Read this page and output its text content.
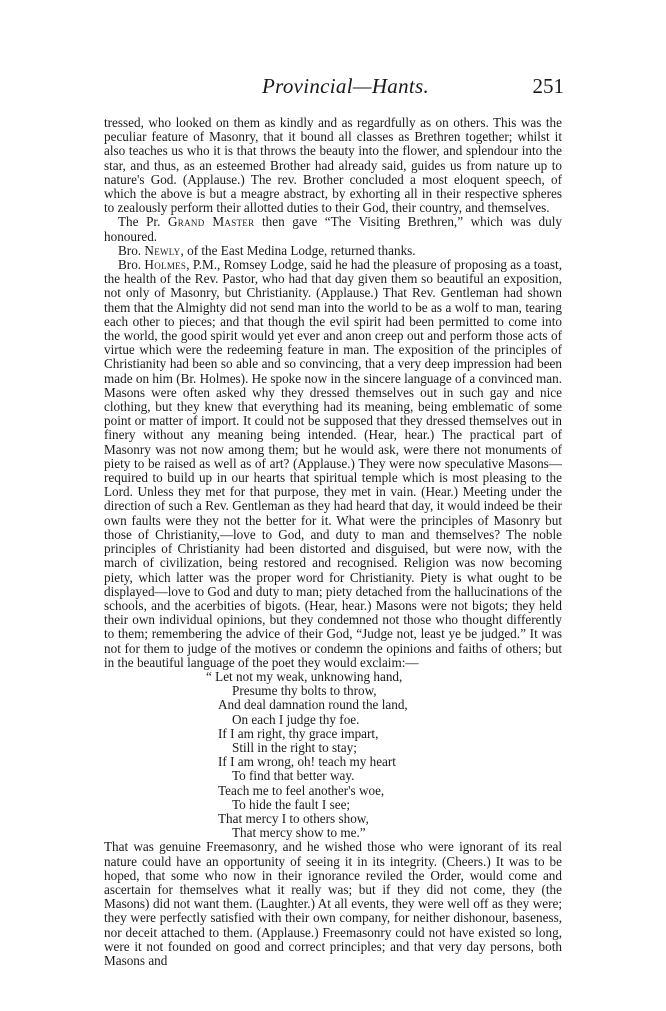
Provincial—Hants.	251

tressed, who looked on them as kindly and as regardfully as on others. This was the peculiar feature of Masonry, that it bound all classes as Brethren together; whilst it also teaches us who it is that throws the beauty into the flower, and splendour into the star, and thus, as an esteemed Brother had already said, guides us from nature up to nature's God. (Applause.) The rev. Brother concluded a most eloquent speech, of which the above is but a meagre abstract, by exhorting all in their respective spheres to zealously perform their allotted duties to their God, their country, and themselves.

The Pr. Grand Master then gave “The Visiting Brethren,” which was duly honoured.

Bro. Newly, of the East Medina Lodge, returned thanks.

Bro. Holmes, P.M., Romsey Lodge, said he had the pleasure of proposing as a toast, the health of the Rev. Pastor, who had that day given them so beautiful an exposition, not only of Masonry, but Christianity. (Applause.) That Rev. Gentleman had shown them that the Almighty did not send man into the world to be as a wolf to man, tearing each other to pieces; and that though the evil spirit had been permitted to come into the world, the good spirit would yet ever and anon creep out and perform those acts of virtue which were the redeeming feature in man. The exposition of the principles of Christianity had been so able and so convincing, that a very deep impression had been made on him (Br. Holmes). He spoke now in the sincere language of a convinced man. Masons were often asked why they dressed themselves out in such gay and nice clothing, but they knew that everything had its meaning, being emblematic of some point or matter of import. It could not be supposed that they dressed themselves out in finery without any meaning being intended. (Hear, hear.) The practical part of Masonry was not now among them; but he would ask, were there not monuments of piety to be raised as well as of art? (Applause.) They were now speculative Masons—required to build up in our hearts that spiritual temple which is most pleasing to the Lord. Unless they met for that purpose, they met in vain. (Hear.) Meeting under the direction of such a Rev. Gentleman as they had heard that day, it would indeed be their own faults were they not the better for it. What were the principles of Masonry but those of Christianity,—love to God, and duty to man and themselves? The noble principles of Christianity had been distorted and disguised, but were now, with the march of civilization, being restored and recognised. Religion was now becoming piety, which latter was the proper word for Christianity. Piety is what ought to be displayed—love to God and duty to man; piety detached from the hallucinations of the schools, and the acerbities of bigots. (Hear, hear.) Masons were not bigots; they held their own individual opinions, but they condemned not those who thought differently to them; remembering the advice of their God, “Judge not, least ye be judged.” It was not for them to judge of the motives or condemn the opinions and faiths of others; but in the beautiful language of the poet they would exclaim:—

“ Let not my weak, unknowing hand,
Presume thy bolts to throw,
And deal damnation round the land,
On each I judge thy foe.
If I am right, thy grace impart,
Still in the right to stay;
If I am wrong, oh! teach my heart
To find that better way.
Teach me to feel another's woe,
To hide the fault I see;
That mercy I to others show,
That mercy show to me.”

That was genuine Freemasonry, and he wished those who were ignorant of its real nature could have an opportunity of seeing it in its integrity. (Cheers.) It was to be hoped, that some who now in their ignorance reviled the Order, would come and ascertain for themselves what it really was; but if they did not come, they (the Masons) did not want them. (Laughter.) At all events, they were well off as they were; they were perfectly satisfied with their own company, for neither dishonour, baseness, nor deceit attached to them. (Applause.) Freemasonry could not have existed so long, were it not founded on good and correct principles; and that very day persons, both Masons and
